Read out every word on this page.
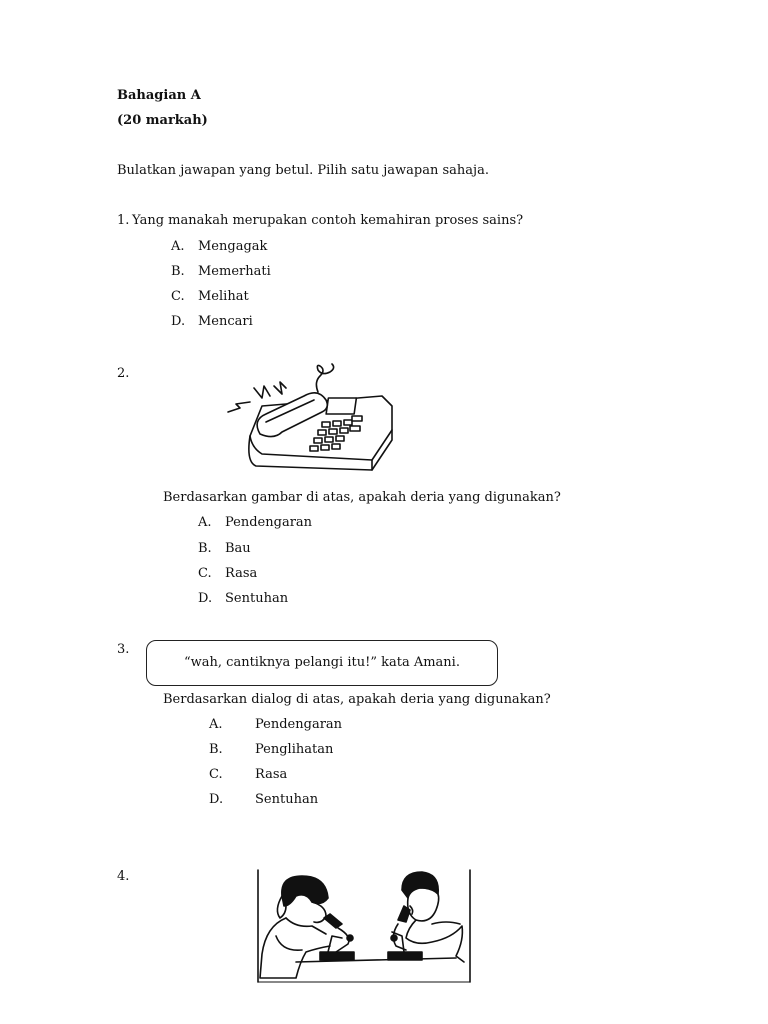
Bahagian A
(20 markah)
Bulatkan jawapan yang betul. Pilih satu jawapan sahaja.
1. Yang manakah merupakan contoh kemahiran proses sains?
A. Mengagak
B. Memerhati
C. Melihat
D. Mencari
2.
Berdasarkan gambar di atas, apakah deria yang digunakan?
A. Pendengaran
B. Bau
C. Rasa
D. Sentuhan
3.
“wah, cantiknya pelangi itu!” kata Amani.
Berdasarkan dialog di atas, apakah deria yang digunakan?
A. Pendengaran
B. Penglihatan
C. Rasa
D. Sentuhan
4.
